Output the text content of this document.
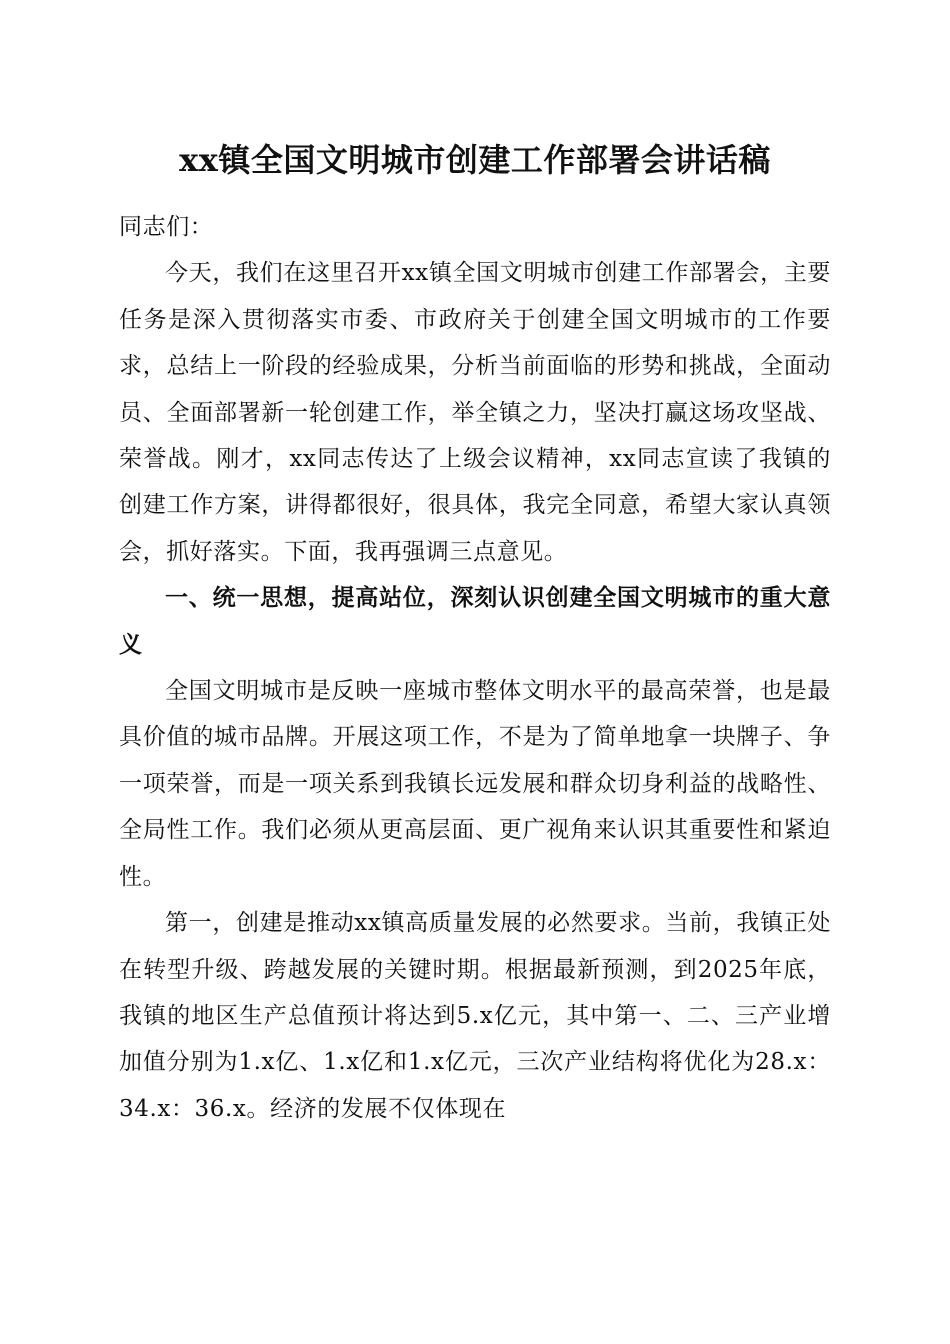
xx镇全国文明城市创建工作部署会讲话稿

同志们：

今天，我们在这里召开xx镇全国文明城市创建工作部署会，主要任务是深入贯彻落实市委、市政府关于创建全国文明城市的工作要求，总结上一阶段的经验成果，分析当前面临的形势和挑战，全面动员、全面部署新一轮创建工作，举全镇之力，坚决打赢这场攻坚战、荣誉战。刚才，xx同志传达了上级会议精神，xx同志宣读了我镇的创建工作方案，讲得都很好，很具体，我完全同意，希望大家认真领会，抓好落实。下面，我再强调三点意见。

一、统一思想，提高站位，深刻认识创建全国文明城市的重大意义

全国文明城市是反映一座城市整体文明水平的最高荣誉，也是最具价值的城市品牌。开展这项工作，不是为了简单地拿一块牌子、争一项荣誉，而是一项关系到我镇长远发展和群众切身利益的战略性、全局性工作。我们必须从更高层面、更广视角来认识其重要性和紧迫性。

第一，创建是推动xx镇高质量发展的必然要求。当前，我镇正处在转型升级、跨越发展的关键时期。根据最新预测，到2025年底，我镇的地区生产总值预计将达到5.x亿元，其中第一、二、三产业增加值分别为1.x亿、1.x亿和1.x亿元，三次产业结构将优化为28.x：34.x：36.x。经济的发展不仅体现在
